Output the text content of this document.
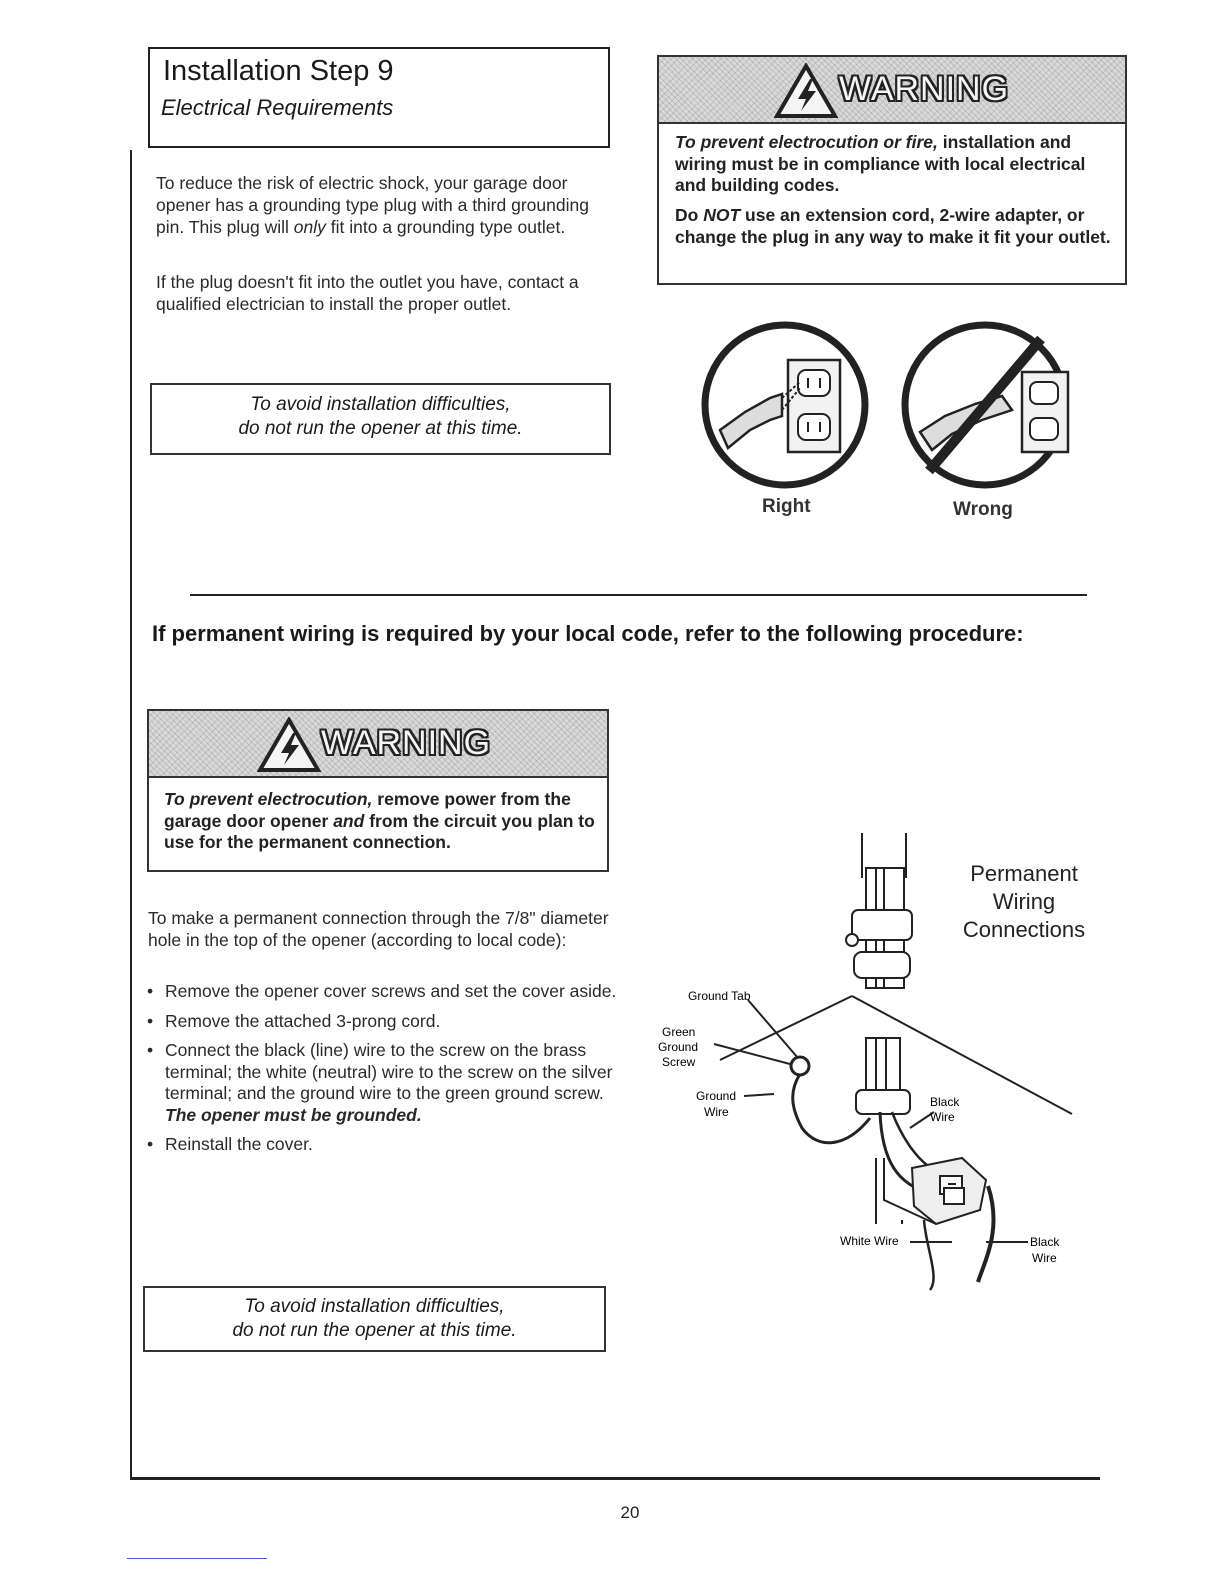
Installation Step 9
Electrical Requirements
To reduce the risk of electric shock, your garage door opener has a grounding type plug with a third grounding pin. This plug will only fit into a grounding type outlet.
If the plug doesn't fit into the outlet you have, contact a qualified electrician to install the proper outlet.
To avoid installation difficulties,
do not run the opener at this time.
WARNING
To prevent electrocution or fire, installation and wiring must be in compliance with local electrical and building codes.
Do NOT use an extension cord, 2-wire adapter, or change the plug in any way to make it fit your outlet.
Right	Wrong
If permanent wiring is required by your local code, refer to the following procedure:
WARNING
To prevent electrocution, remove power from the garage door opener and from the circuit you plan to use for the permanent connection.
To make a permanent connection through the 7/8" diameter hole in the top of the opener (according to local code):
• Remove the opener cover screws and set the cover aside.
• Remove the attached 3-prong cord.
• Connect the black (line) wire to the screw on the brass terminal; the white (neutral) wire to the screw on the silver terminal; and the ground wire to the green ground screw. The opener must be grounded.
• Reinstall the cover.
To avoid installation difficulties,
do not run the opener at this time.
Ground Tab
Green
Ground
Screw
Ground
Wire
Black
Wire
White Wire	Black
Wire
Permanent
Wiring
Connections
20
